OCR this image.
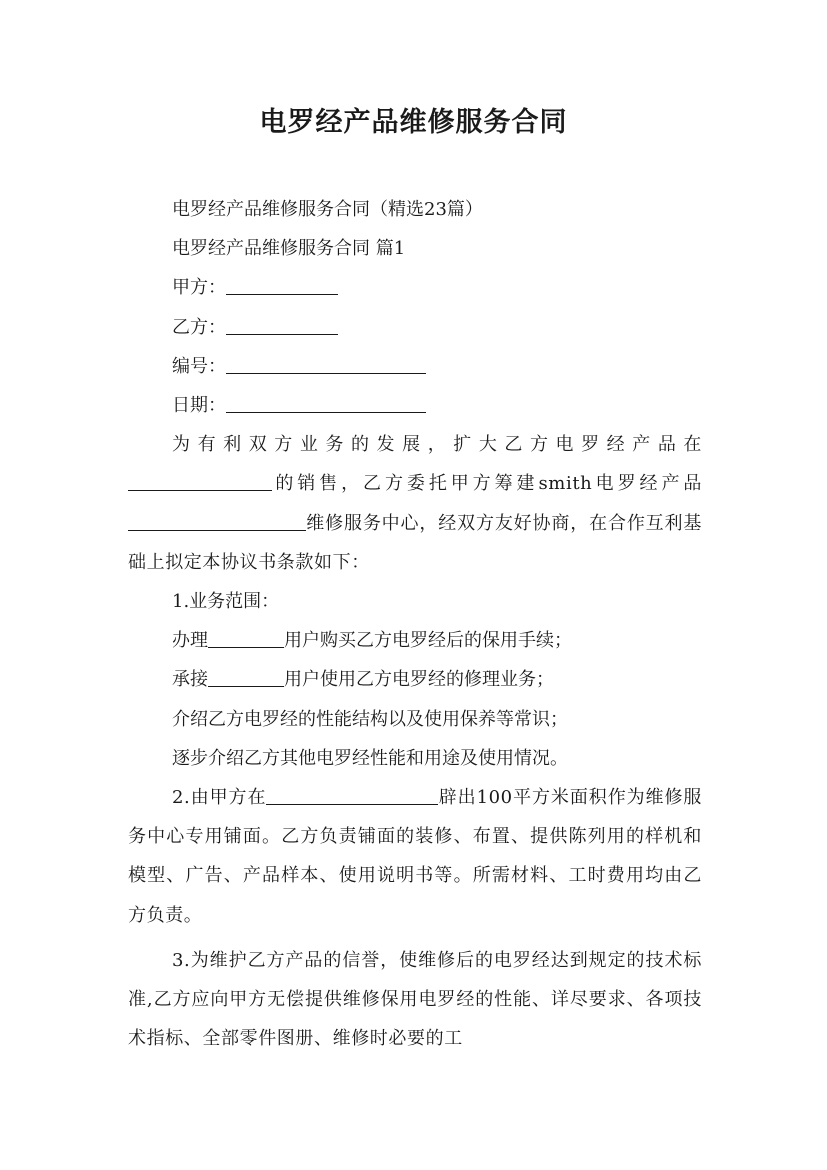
电罗经产品维修服务合同

电罗经产品维修服务合同（精选23篇）

电罗经产品维修服务合同 篇1

甲方：

乙方：

编号：

日期：

为有利双方业务的发展，扩大乙方电罗经产品在的销售，乙方委托甲方筹建smith电罗经产品维修服务中心，经双方友好协商，在合作互利基础上拟定本协议书条款如下：

1.业务范围：

办理	用户购买乙方电罗经后的保用手续；

承接	用户使用乙方电罗经的修理业务；

介绍乙方电罗经的性能结构以及使用保养等常识；

逐步介绍乙方其他电罗经性能和用途及使用情况。

2.由甲方在	辟出100平方米面积作为维修服务中心专用铺面。乙方负责铺面的装修、布置、提供陈列用的样机和模型、广告、产品样本、使用说明书等。所需材料、工时费用均由乙方负责。

3.为维护乙方产品的信誉，使维修后的电罗经达到规定的技术标准,乙方应向甲方无偿提供维修保用电罗经的性能、详尽要求、各项技术指标、全部零件图册、维修时必要的工
